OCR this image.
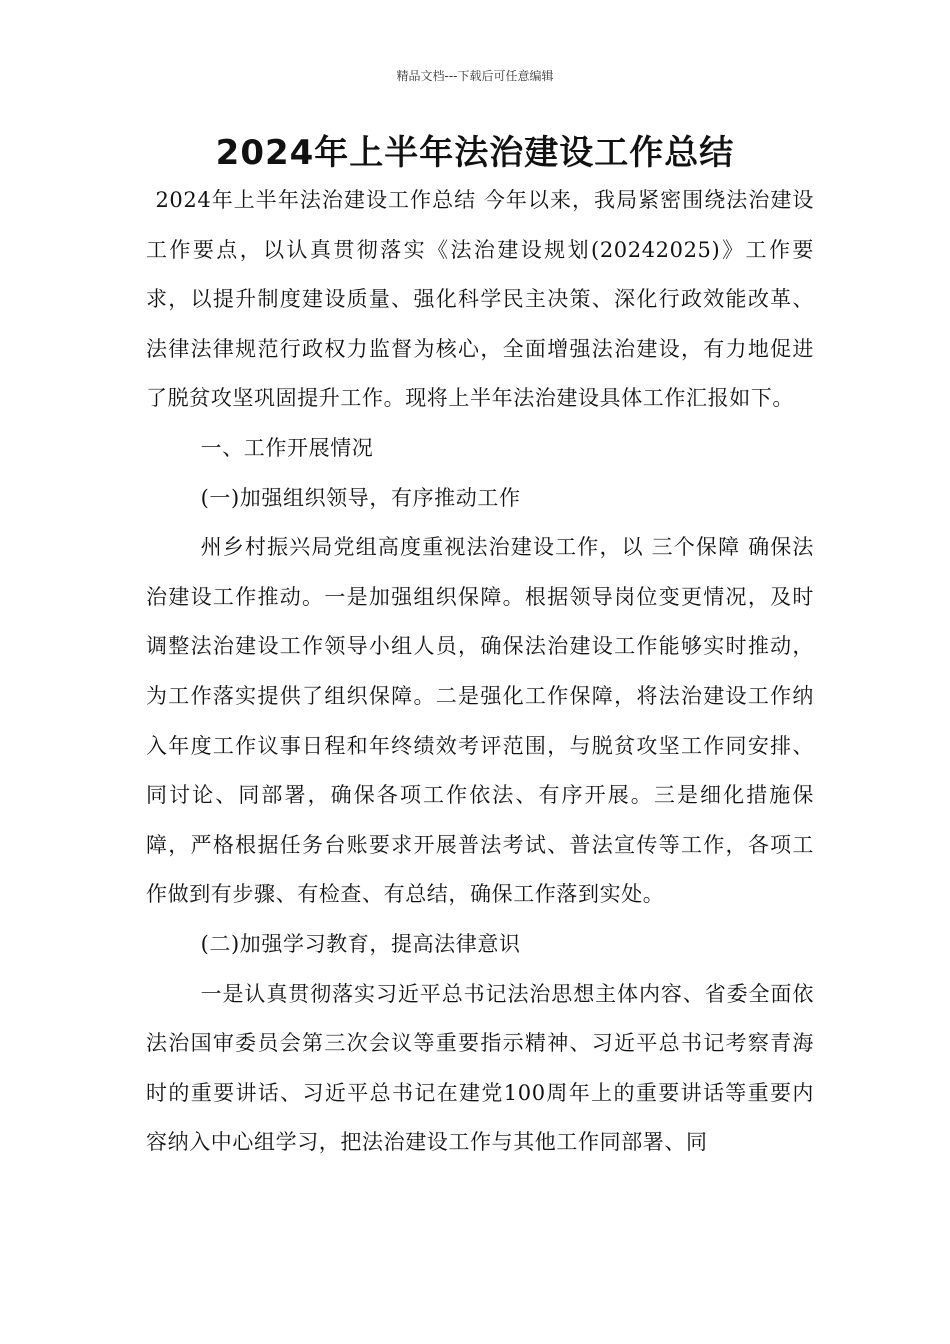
精品文档---下载后可任意编辑
2024年上半年法治建设工作总结

2024年上半年法治建设工作总结 今年以来，我局紧密围绕法治建设工作要点，以认真贯彻落实《法治建设规划(20242025)》工作要求，以提升制度建设质量、强化科学民主决策、深化行政效能改革、法律法律规范行政权力监督为核心，全面增强法治建设，有力地促进了脱贫攻坚巩固提升工作。现将上半年法治建设具体工作汇报如下。

一、工作开展情况

(一)加强组织领导，有序推动工作

州乡村振兴局党组高度重视法治建设工作，以 三个保障 确保法治建设工作推动。一是加强组织保障。根据领导岗位变更情况，及时调整法治建设工作领导小组人员，确保法治建设工作能够实时推动，为工作落实提供了组织保障。二是强化工作保障，将法治建设工作纳入年度工作议事日程和年终绩效考评范围，与脱贫攻坚工作同安排、同讨论、同部署，确保各项工作依法、有序开展。三是细化措施保障，严格根据任务台账要求开展普法考试、普法宣传等工作，各项工作做到有步骤、有检查、有总结，确保工作落到实处。

(二)加强学习教育，提高法律意识

一是认真贯彻落实习近平总书记法治思想主体内容、省委全面依法治国审委员会第三次会议等重要指示精神、习近平总书记考察青海时的重要讲话、习近平总书记在建党100周年上的重要讲话等重要内容纳入中心组学习，把法治建设工作与其他工作同部署、同
